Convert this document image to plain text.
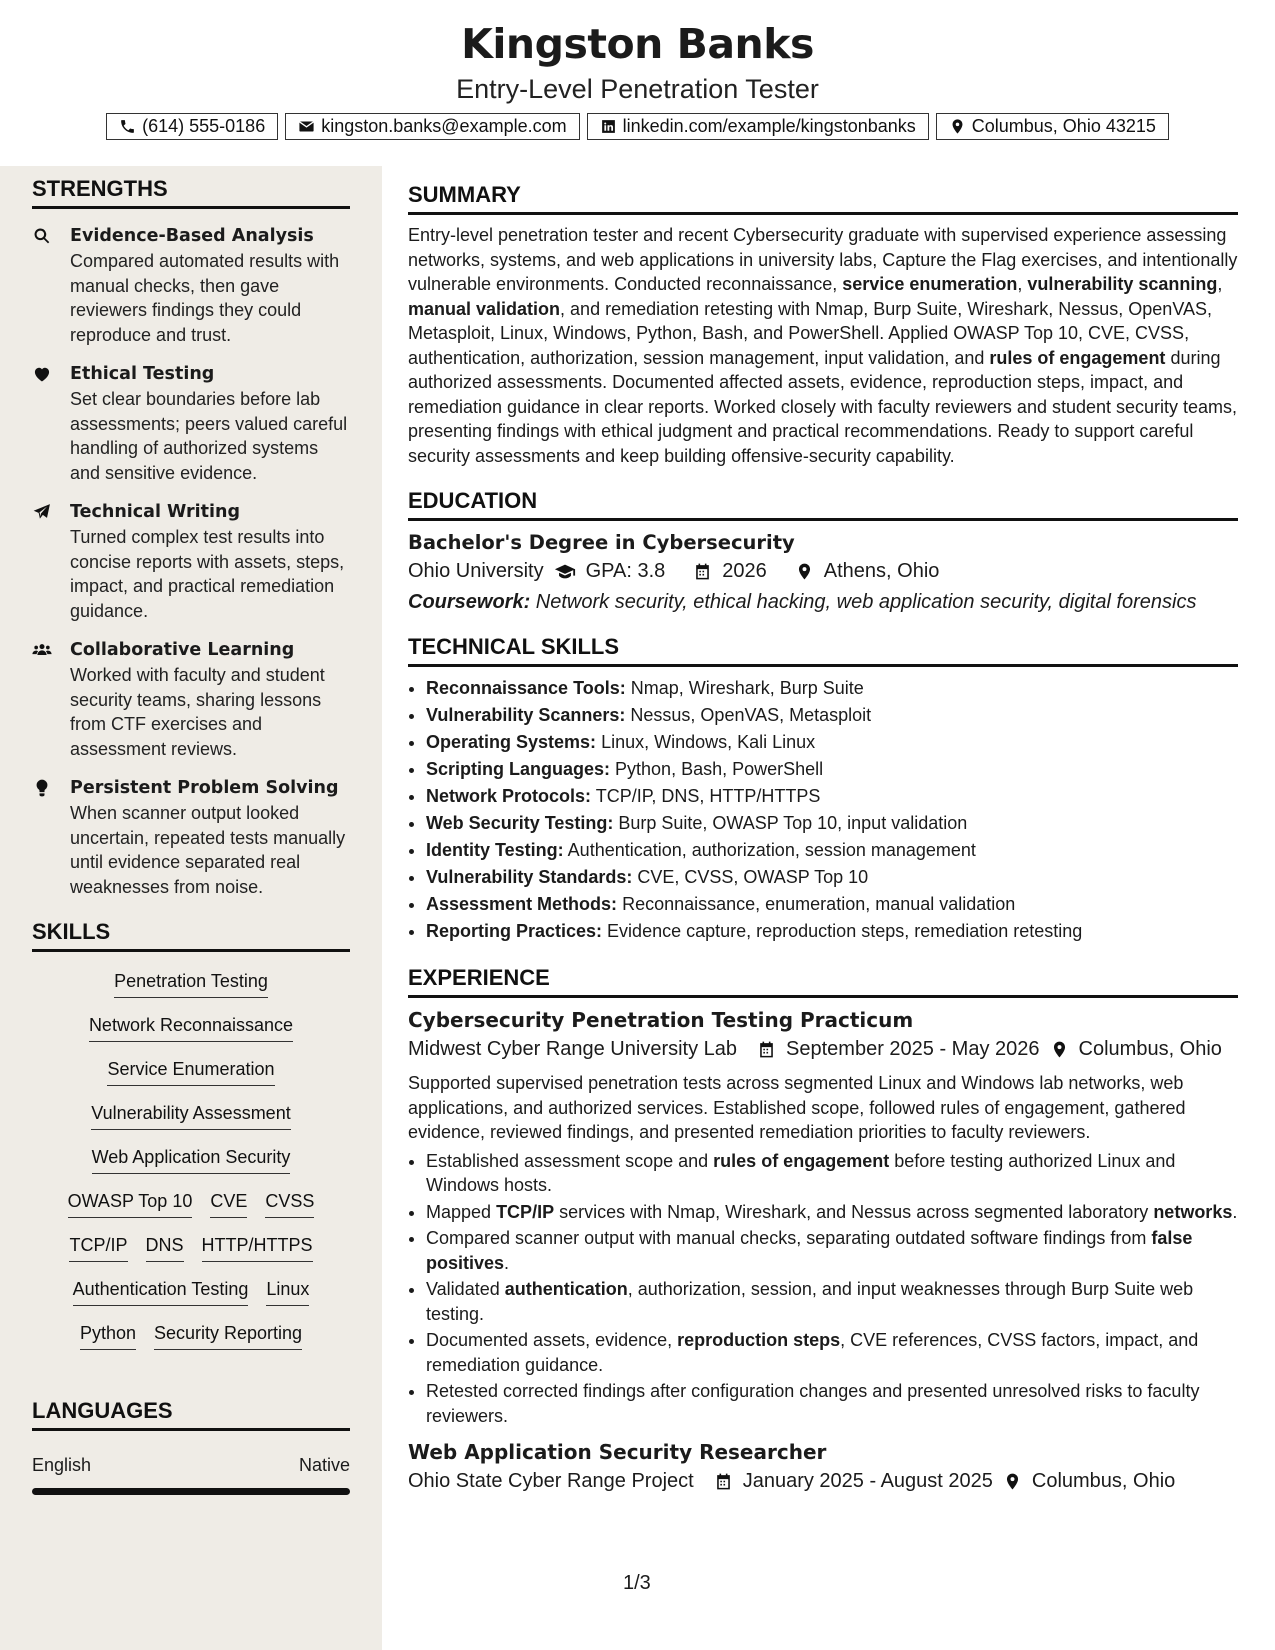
Kingston Banks
Entry-Level Penetration Tester
(614) 555-0186	kingston.banks@example.com	linkedin.com/example/kingstonbanks	Columbus, Ohio 43215
STRENGTHS
Evidence-Based Analysis
Compared automated results with manual checks, then gave reviewers findings they could reproduce and trust.
Ethical Testing
Set clear boundaries before lab assessments; peers valued careful handling of authorized systems and sensitive evidence.
Technical Writing
Turned complex test results into concise reports with assets, steps, impact, and practical remediation guidance.
Collaborative Learning
Worked with faculty and student security teams, sharing lessons from CTF exercises and assessment reviews.
Persistent Problem Solving
When scanner output looked uncertain, repeated tests manually until evidence separated real weaknesses from noise.
SKILLS
Penetration Testing
Network Reconnaissance
Service Enumeration
Vulnerability Assessment
Web Application Security
OWASP Top 10 CVE CVSS
TCP/IP DNS HTTP/HTTPS
Authentication Testing Linux
Python Security Reporting
LANGUAGES
English	Native
SUMMARY

Entry-level penetration tester and recent Cybersecurity graduate with supervised experience assessing networks, systems, and web applications in university labs, Capture the Flag exercises, and intentionally vulnerable environments. Conducted reconnaissance, service enumeration, vulnerability scanning, manual validation, and remediation retesting with Nmap, Burp Suite, Wireshark, Nessus, OpenVAS, Metasploit, Linux, Windows, Python, Bash, and PowerShell. Applied OWASP Top 10, CVE, CVSS, authentication, authorization, session management, input validation, and rules of engagement during authorized assessments. Documented affected assets, evidence, reproduction steps, impact, and remediation guidance in clear reports. Worked closely with faculty reviewers and student security teams, presenting findings with ethical judgment and practical recommendations. Ready to support careful security assessments and keep building offensive-security capability.

EDUCATION
Bachelor's Degree in Cybersecurity
Ohio University GPA: 3.8	2026	Athens, Ohio
Coursework: Network security, ethical hacking, web application security, digital forensics
TECHNICAL SKILLS
• Reconnaissance Tools: Nmap, Wireshark, Burp Suite
• Vulnerability Scanners: Nessus, OpenVAS, Metasploit
• Operating Systems: Linux, Windows, Kali Linux
• Scripting Languages: Python, Bash, PowerShell
• Network Protocols: TCP/IP, DNS, HTTP/HTTPS
• Web Security Testing: Burp Suite, OWASP Top 10, input validation
• Identity Testing: Authentication, authorization, session management
• Vulnerability Standards: CVE, CVSS, OWASP Top 10
• Assessment Methods: Reconnaissance, enumeration, manual validation
• Reporting Practices: Evidence capture, reproduction steps, remediation retesting
EXPERIENCE
Cybersecurity Penetration Testing Practicum
Midwest Cyber Range University Lab September 2025 - May 2026 Columbus, Ohio

Supported supervised penetration tests across segmented Linux and Windows lab networks, web applications, and authorized services. Established scope, followed rules of engagement, gathered evidence, reviewed findings, and presented remediation priorities to faculty reviewers.

• Established assessment scope and rules of engagement before testing authorized Linux and Windows hosts.
• Mapped TCP/IP services with Nmap, Wireshark, and Nessus across segmented laboratory networks.
• Compared scanner output with manual checks, separating outdated software findings from false positives.
• Validated authentication, authorization, session, and input weaknesses through Burp Suite web testing.
• Documented assets, evidence, reproduction steps, CVE references, CVSS factors, impact, and remediation guidance.
• Retested corrected findings after configuration changes and presented unresolved risks to faculty reviewers.
Web Application Security Researcher
Ohio State Cyber Range Project January 2025 - August 2025 Columbus, Ohio
1/3
